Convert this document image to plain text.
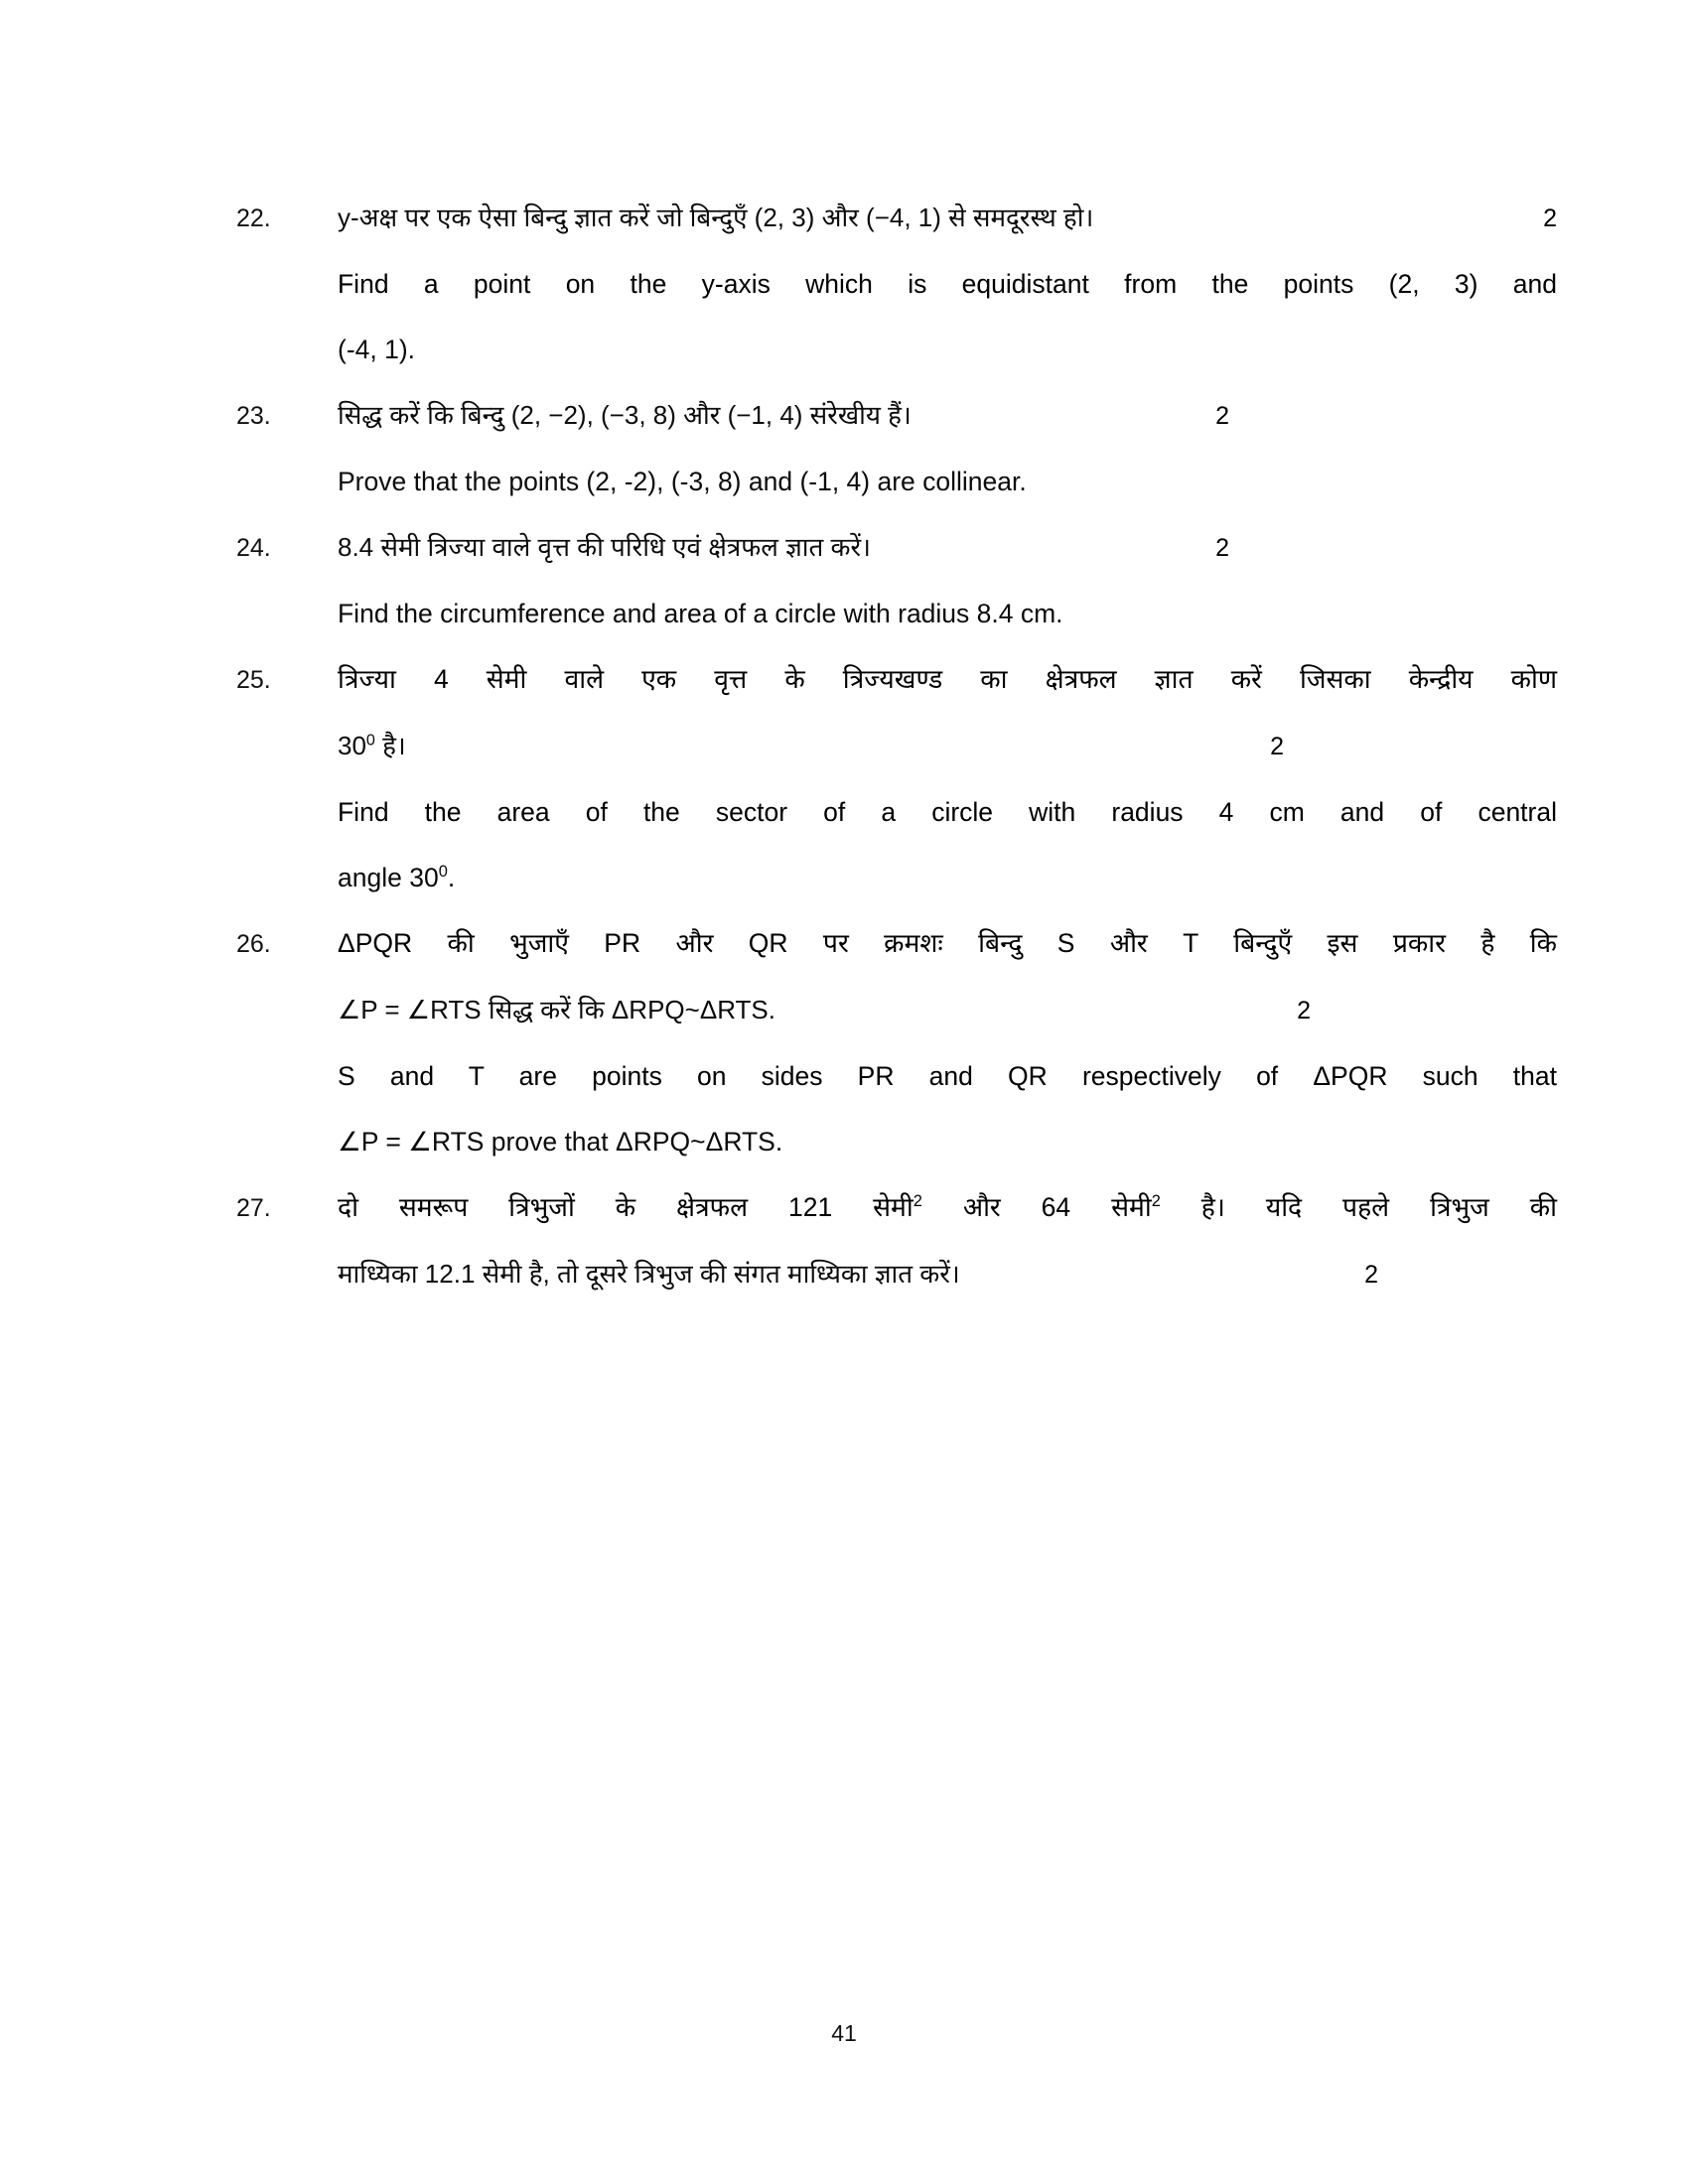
22.	y-अक्ष पर एक ऐसा बिन्दु ज्ञात करें जो बिन्दुएँ (2, 3) और (−4, 1) से समदूरस्थ हो।	2
Find a point on the y-axis which is equidistant from the points (2, 3) and
(-4, 1).
23.	सिद्ध करें कि बिन्दु (2, −2), (−3, 8) और (−1, 4) संरेखीय हैं।	2
Prove that the points (2, -2), (-3, 8) and (-1, 4) are collinear.
24.	8.4 सेमी त्रिज्या वाले वृत्त की परिधि एवं क्षेत्रफल ज्ञात करें।	2
Find the circumference and area of a circle with radius 8.4 cm.
25.	त्रिज्या 4 सेमी वाले एक वृत्त के त्रिज्यखण्ड का क्षेत्रफल ज्ञात करें जिसका केन्द्रीय कोण
$30^0$ है।	2
Find the area of the sector of a circle with radius 4 cm and of central
angle $30^0$.
26.	ΔPQR की भुजाएँ PR और QR पर क्रमशः बिन्दु S और T बिन्दुएँ इस प्रकार है कि
∠P = ∠RTS सिद्ध करें कि ΔRPQ~ΔRTS.	2
S and T are points on sides PR and QR respectively of ΔPQR such that
∠P = ∠RTS prove that ΔRPQ~ΔRTS.
27.	दो समरूप त्रिभुजों के क्षेत्रफल 121 सेमी$^2$ और 64 सेमी$^2$ है। यदि पहले त्रिभुज की
माध्यिका 12.1 सेमी है, तो दूसरे त्रिभुज की संगत माध्यिका ज्ञात करें।	2
41
